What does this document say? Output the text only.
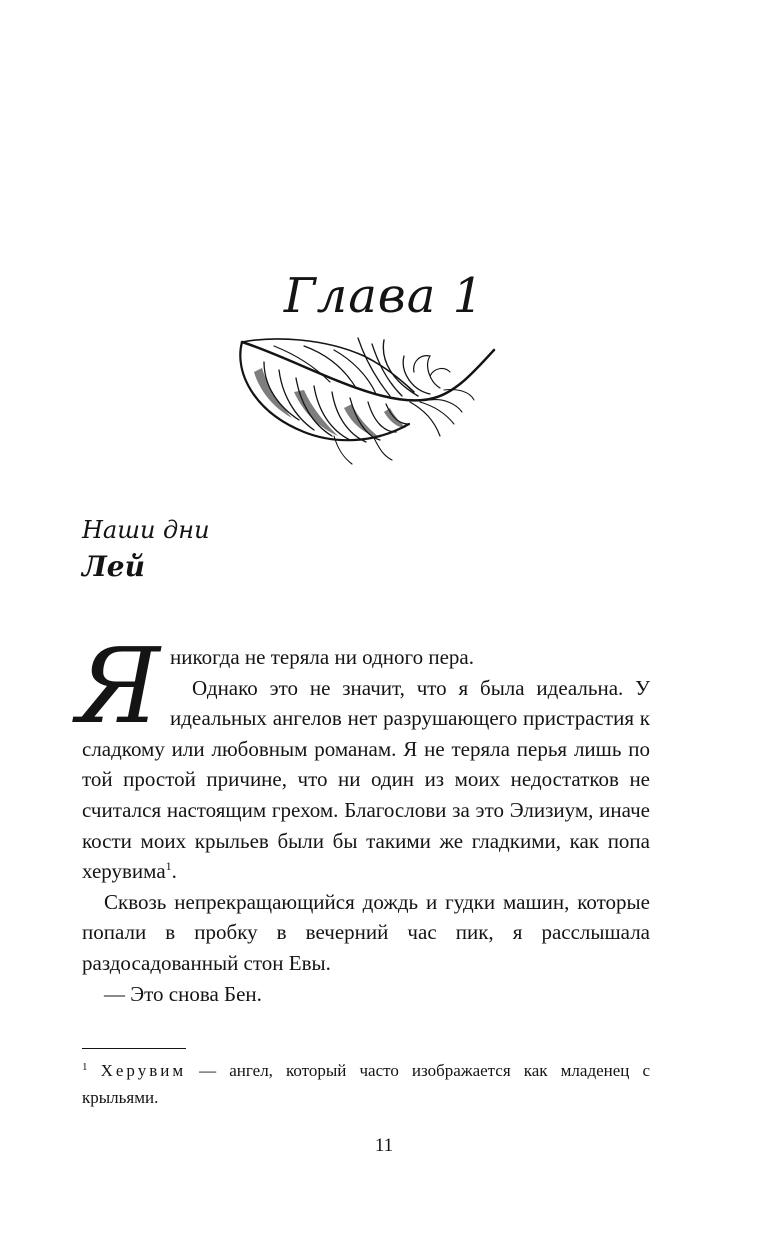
Глава 1
Наши дни
Лей

Яникогда не теряла ни одного пера.

Однако это не значит, что я была идеальна. У идеальных ангелов нет разрушающего пристрастия к сладкому или любовным романам. Я не теряла перья лишь по той простой причине, что ни один из моих недостатков не считался настоящим грехом. Благослови за это Элизиум, иначе кости моих крыльев были бы такими же гладкими, как попа херувима$^1$.

Сквозь непрекращающийся дождь и гудки машин, которые попали в пробку в вечерний час пик, я расслышала раздосадованный стон Евы.

— Это снова Бен.

$^1$ Херувим — ангел, который часто изображается как младенец с крыльями.
11
